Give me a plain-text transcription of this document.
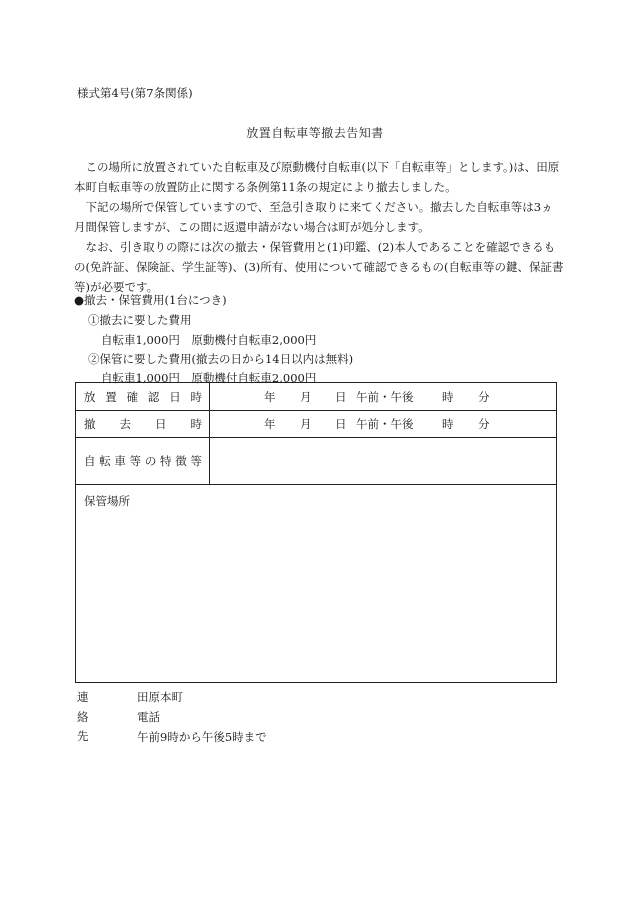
様式第4号(第7条関係)
放置自転車等撤去告知書

この場所に放置されていた自転車及び原動機付自転車(以下「自転車等」とします。)は、田原本町自転車等の放置防止に関する条例第11条の規定により撤去しました。

下記の場所で保管していますので、至急引き取りに来てください。撤去した自転車等は3ヵ月間保管しますが、この間に返還申請がない場合は町が処分します。

なお、引き取りの際には次の撤去・保管費用と(1)印鑑、(2)本人であることを確認できるもの(免許証、保険証、学生証等)、(3)所有、使用について確認できるもの(自転車等の鍵、保証書等)が必要です。

●撤去・保管費用(1台につき)
①撤去に要した費用
自転車1,000円　原動機付自転車2,000円
②保管に要した費用(撤去の日から14日以内は無料)
自転車1,000円　原動機付自転車2,000円
放 置 確 認 日 時	年 月 日 午前・午後 時 分
撤 去 日 時	年 月 日 午前・午後 時 分
自 転 車 等 の 特 徴 等
保管場所
連絡先
田原本町
電話
午前9時から午後5時まで
